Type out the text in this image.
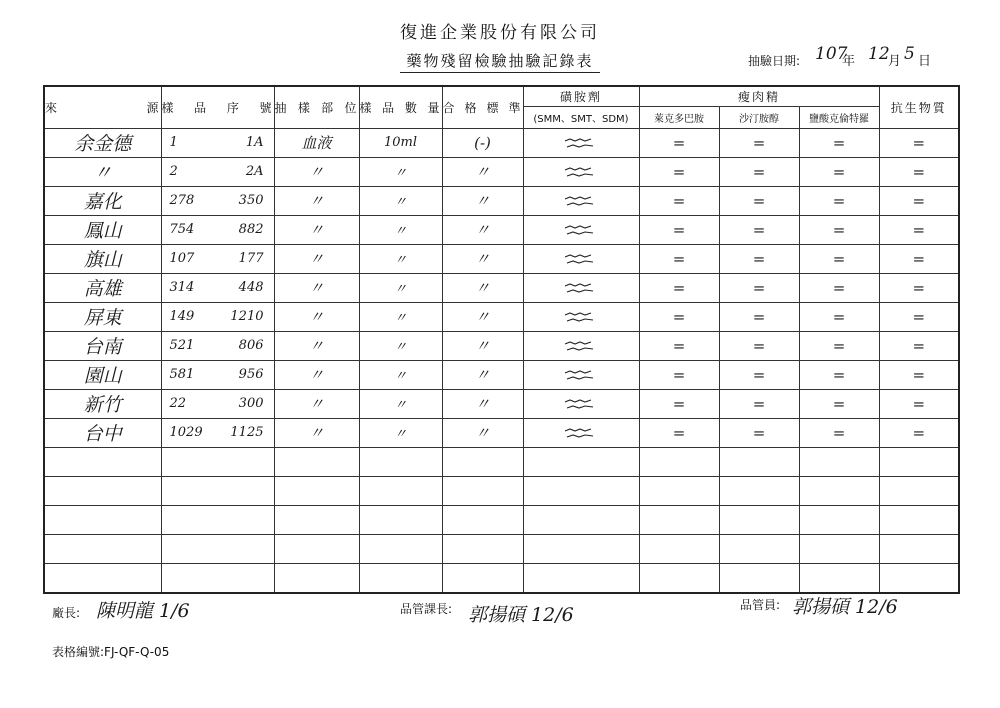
復進企業股份有限公司
藥物殘留檢驗抽驗記錄表	抽驗日期: 107
年 12
月 5 日
來源	樣品序號	抽樣部位	樣品數量	合格標準	磺胺劑	瘦肉精			抗生物質
					(SMM、SMT、SDM)	萊克多巴胺	沙汀胺醇	鹽酸克倫特羅	
余金德	1 1A	血液	10ml	(-)		=	=	=	=
〃	2 2A	〃	〃	〃		=	=	=	=
嘉化	278 350	〃	〃	〃		=	=	=	=
鳳山	754 882	〃	〃	〃		=	=	=	=
旗山	107 177	〃	〃	〃		=	=	=	=
高雄	314 448	〃	〃	〃		=	=	=	=
屏東	149 1210	〃	〃	〃		=	=	=	=
台南	521 806	〃	〃	〃		=	=	=	=
園山	581 956	〃	〃	〃		=	=	=	=
新竹	22 300	〃	〃	〃		=	=	=	=
台中	1029 1125	〃	〃	〃		=	=	=	=

廠長: 陳明龍 1/6	品管課長: 郭揚碩 12/6	品管員: 郭揚碩 12/6
表格編號:FJ-QF-Q-05
